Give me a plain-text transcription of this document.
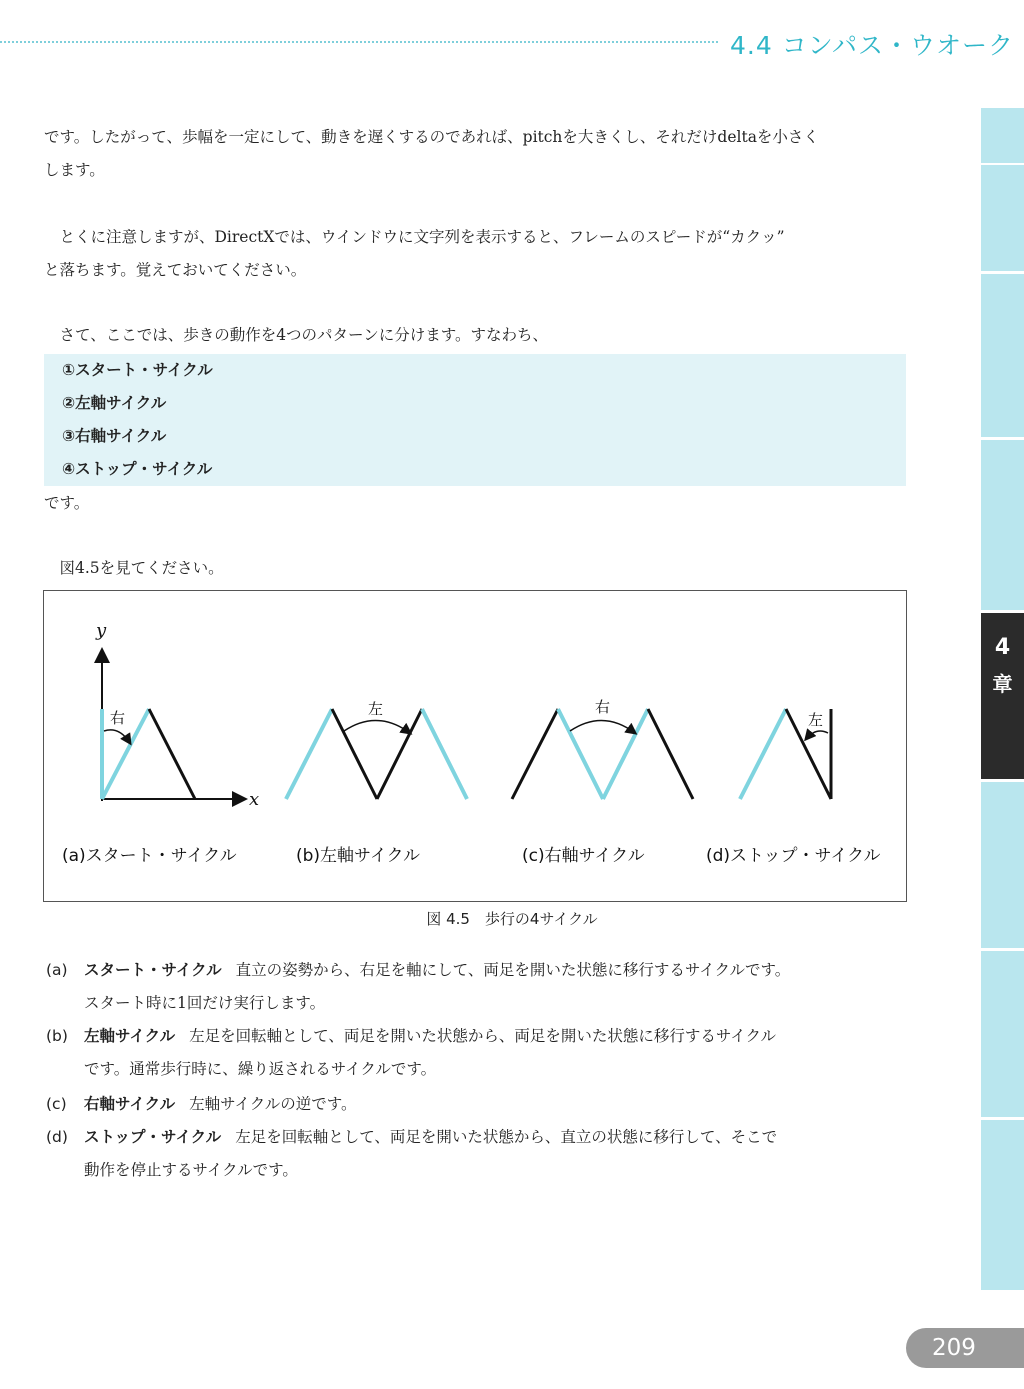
4.4 コンパス・ウオーク
4
章
です。したがって、歩幅を一定にして、動きを遅くするのであれば、pitchを大きくし、それだけdeltaを小さく
します。
　とくに注意しますが、DirectXでは、ウインドウに文字列を表示すると、フレームのスピードが“カクッ”
と落ちます。覚えておいてください。
　さて、ここでは、歩きの動作を4つのパターンに分けます。すなわち、
①スタート・サイクル
②左軸サイクル
③右軸サイクル
④ストップ・サイクル
です。
　図4.5を見てください。
y
x
右	左	右
左
(a)スタート・サイクル	(b)左軸サイクル	(c)右軸サイクル	(d)ストップ・サイクル
図 4.5　歩行の4サイクル
(a) スタート・サイクル 直立の姿勢から、右足を軸にして、両足を開いた状態に移行するサイクルです。
スタート時に1回だけ実行します。
(b) 左軸サイクル 左足を回転軸として、両足を開いた状態から、両足を開いた状態に移行するサイクル
です。通常歩行時に、繰り返されるサイクルです。
(c) 右軸サイクル 左軸サイクルの逆です。
(d) ストップ・サイクル 左足を回転軸として、両足を開いた状態から、直立の状態に移行して、そこで
動作を停止するサイクルです。
209
